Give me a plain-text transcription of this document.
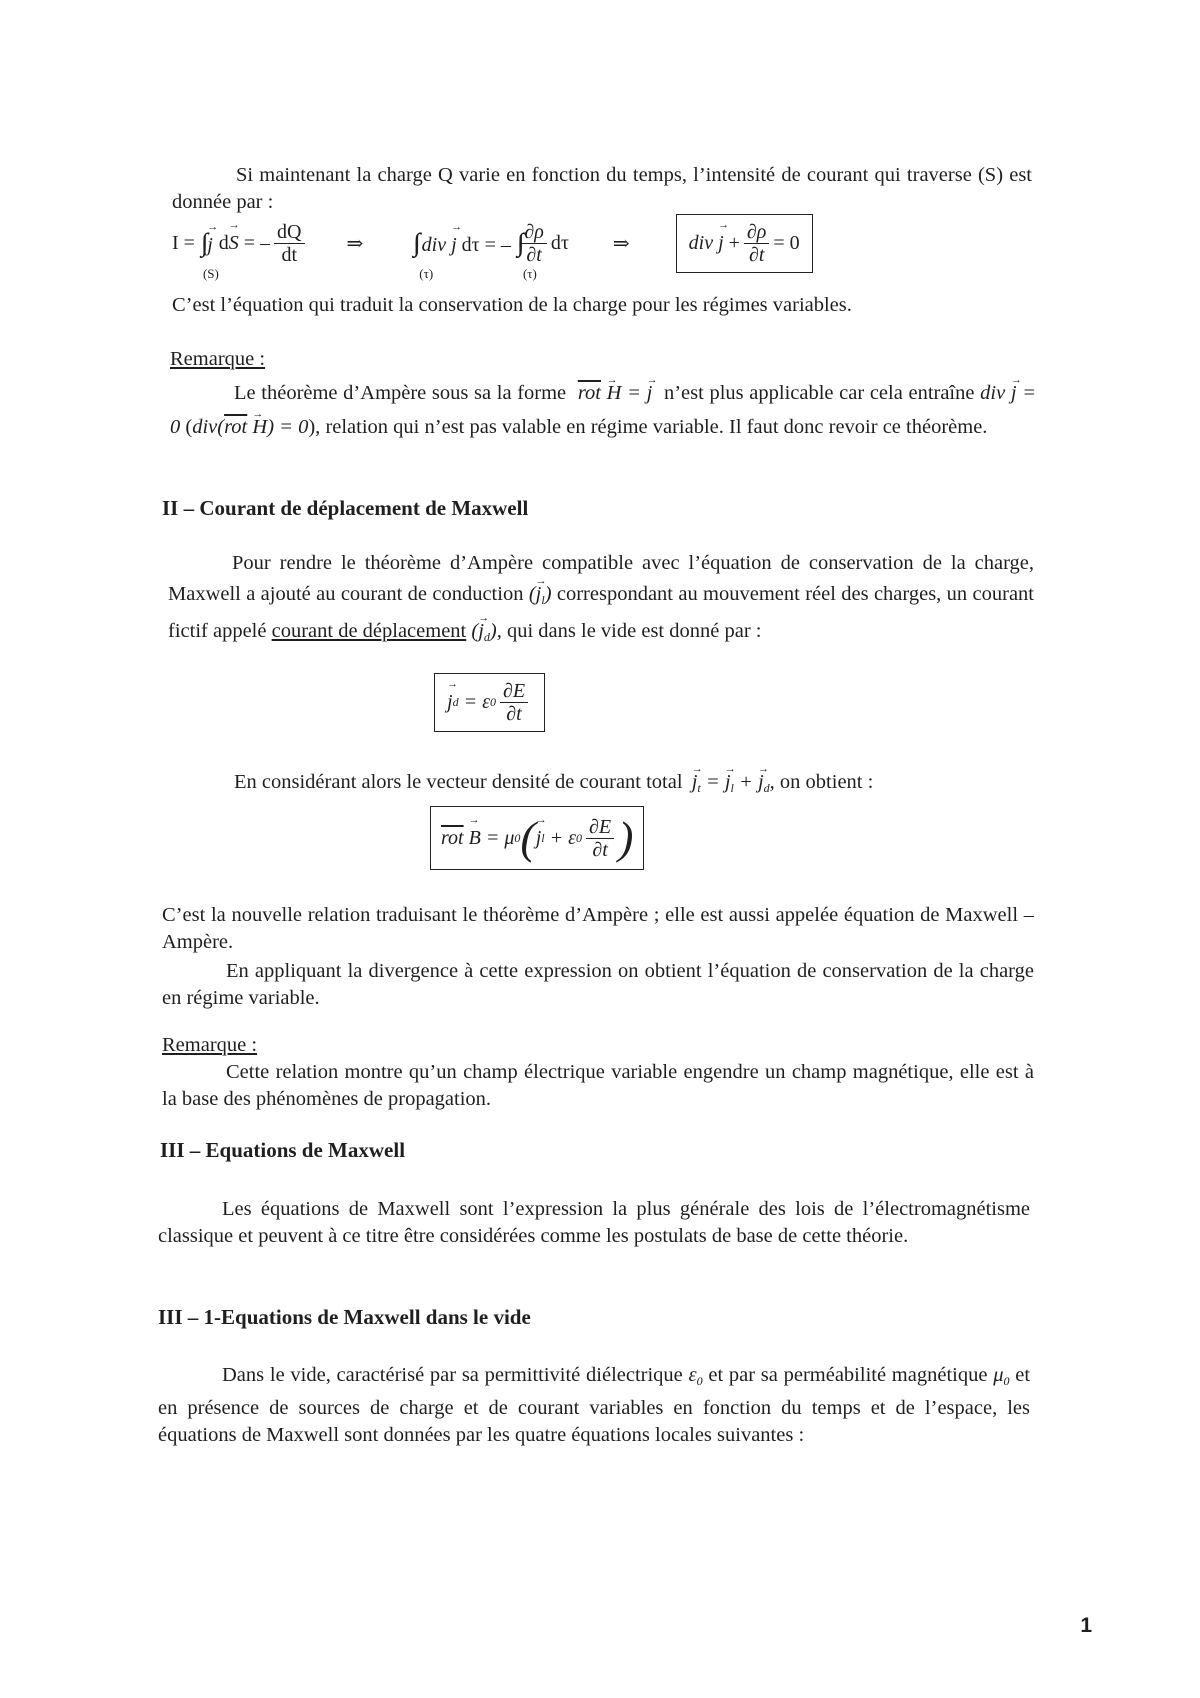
Si maintenant la charge Q varie en fonction du temps, l’intensité de courant qui traverse (S) est donnée par :

I = ∫∫ → j
(S)
d→ S = – $\frac{dQ}{dt}$ ⇒ ∫∫∫ div → j dτ = –
(τ)
∫∫∫
(τ)
$\frac{\partial\rho}{\partial t}$ dτ ⇒	div
→ $j + \frac{\partial\rho}{\partial t} = 0$

C’est l’équation qui traduit la conservation de la charge pour les régimes variables.

Remarque :

Le théorème d’Ampère sous sa la forme $\overline{rot} \to H$ = → j n’est plus applicable car cela entraîne div → j = 0 $(div(\overline{rot} \to H) = 0)$, relation qui n’est pas valable en régime variable. Il faut donc revoir ce théorème.
II – Courant de déplacement de Maxwell
Pour rendre le théorème d’Ampère compatible avec l’équation de conservation de la charge, Maxwell a ajouté au courant de conduction (→ $j_l$) correspondant au mouvement réel des charges, un courant fictif appelé courant de déplacement (→ $j_d$), qui dans le vide est donné par :
→ j d = ε $0 \frac{\partial E}{\partial t}$
En considérant alors le vecteur densité de courant total → $j_t$ = → $j_l$ + → $j_d$, on obtient :
$\overline{rot}$
→ B = μ 0 ( → j l + ε $0 \frac{\partial E}{\partial t}$ )

C’est la nouvelle relation traduisant le théorème d’Ampère ; elle est aussi appelée équation de Maxwell – Ampère.

En appliquant la divergence à cette expression on obtient l’équation de conservation de la charge en régime variable.

Remarque :

Cette relation montre qu’un champ électrique variable engendre un champ magnétique, elle est à la base des phénomènes de propagation.

III – Equations de Maxwell

Les équations de Maxwell sont l’expression la plus générale des lois de l’électromagnétisme classique et peuvent à ce titre être considérées comme les postulats de base de cette théorie.

III – 1-Equations de Maxwell dans le vide
Dans le vide, caractérisé par sa permittivité diélectrique $\varepsilon_0$ et par sa perméabilité magnétique $\mu_0$ et en présence de sources de charge et de courant variables en fonction du temps et de l’espace, les équations de Maxwell sont données par les quatre équations locales suivantes :
1
